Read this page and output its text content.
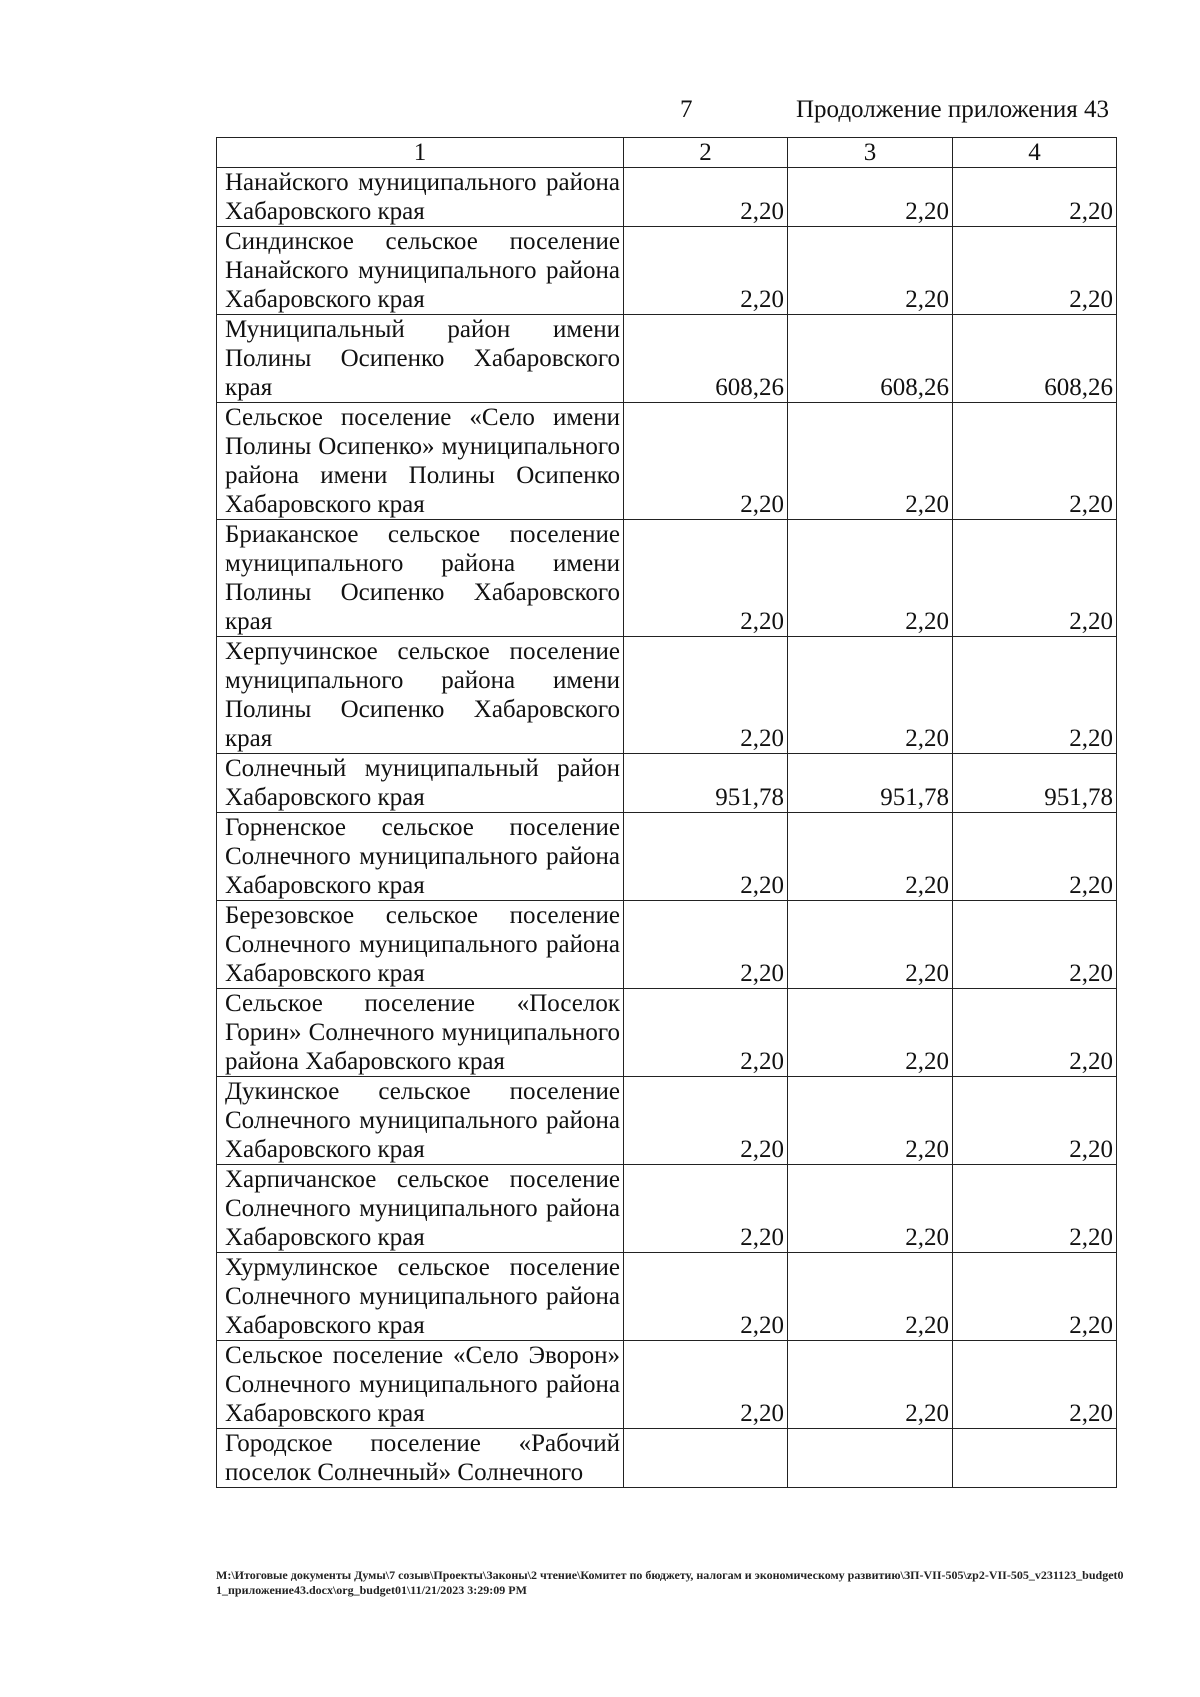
7	Продолжение приложения 43
1	2	3	4
Нанайского муниципального района Хабаровского края	2,20	2,20	2,20
Синдинское сельское поселение Нанайского муниципального района Хабаровского края	2,20	2,20	2,20
Муниципальный район имени Полины Осипенко Хабаровского края	608,26	608,26	608,26
Сельское поселение «Село имени Полины Осипенко» муниципального района имени Полины Осипенко Хабаровского края	2,20	2,20	2,20
Бриаканское сельское поселение муниципального района имени Полины Осипенко Хабаровского края	2,20	2,20	2,20
Херпучинское сельское поселение муниципального района имени Полины Осипенко Хабаровского края	2,20	2,20	2,20
Солнечный муниципальный район Хабаровского края	951,78	951,78	951,78
Горненское сельское поселение Солнечного муниципального района Хабаровского края	2,20	2,20	2,20
Березовское сельское поселение Солнечного муниципального района Хабаровского края	2,20	2,20	2,20
Сельское поселение «Поселок Горин» Солнечного муниципального района Хабаровского края	2,20	2,20	2,20
Дукинское сельское поселение Солнечного муниципального района Хабаровского края	2,20	2,20	2,20
Харпичанское сельское поселение Солнечного муниципального района Хабаровского края	2,20	2,20	2,20
Хурмулинское сельское поселение Солнечного муниципального района Хабаровского края	2,20	2,20	2,20
Сельское поселение «Село Эворон» Солнечного муниципального района Хабаровского края	2,20	2,20	2,20
Городское поселение «Рабочий поселок Солнечный» Солнечного			
М:\Итоговые документы Думы\7 созыв\Проекты\Законы\2 чтение\Комитет по бюджету, налогам и экономическому развитию\ЗП-VII-505\zp2-VII-505_v231123_budget01_приложение43.docx\org_budget01\11/21/2023 3:29:09 PM
